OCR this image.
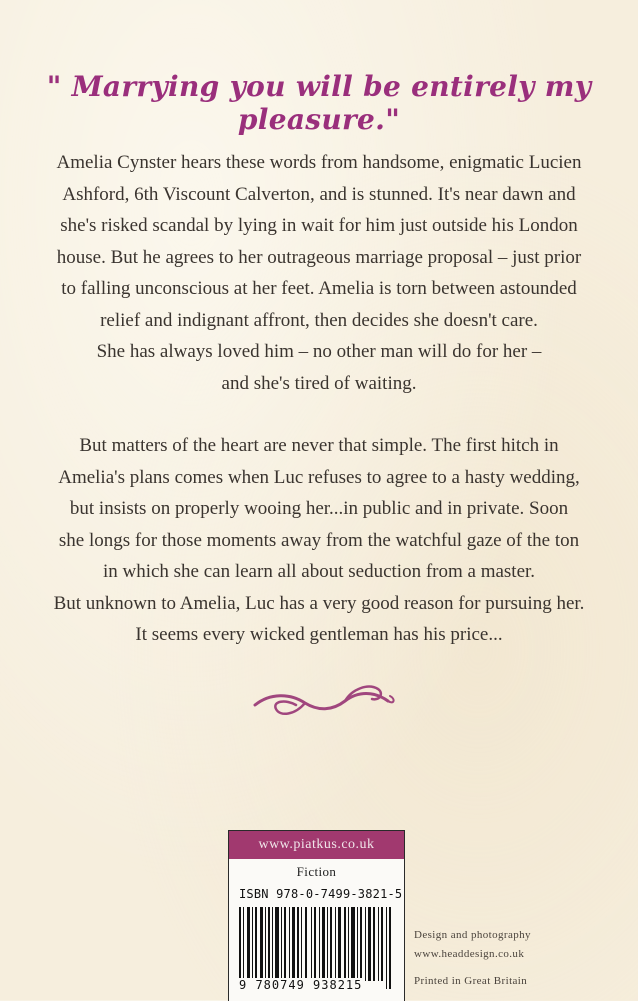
" Marrying you will be entirely my pleasure."
Amelia Cynster hears these words from handsome, enigmatic Lucien
Ashford, 6th Viscount Calverton, and is stunned. It's near dawn and
she's risked scandal by lying in wait for him just outside his London
house. But he agrees to her outrageous marriage proposal – just prior
to falling unconscious at her feet. Amelia is torn between astounded
relief and indignant affront, then decides she doesn't care.
She has always loved him – no other man will do for her –
and she's tired of waiting.
But matters of the heart are never that simple. The first hitch in
Amelia's plans comes when Luc refuses to agree to a hasty wedding,
but insists on properly wooing her...in public and in private. Soon
she longs for those moments away from the watchful gaze of the ton
in which she can learn all about seduction from a master.
But unknown to Amelia, Luc has a very good reason for pursuing her.
It seems every wicked gentleman has his price...
www.piatkus.co.uk
Fiction
ISBN 978-0-7499-3821-5
9 780749 938215
Design and photography
www.headdesign.co.uk
Printed in Great Britain
